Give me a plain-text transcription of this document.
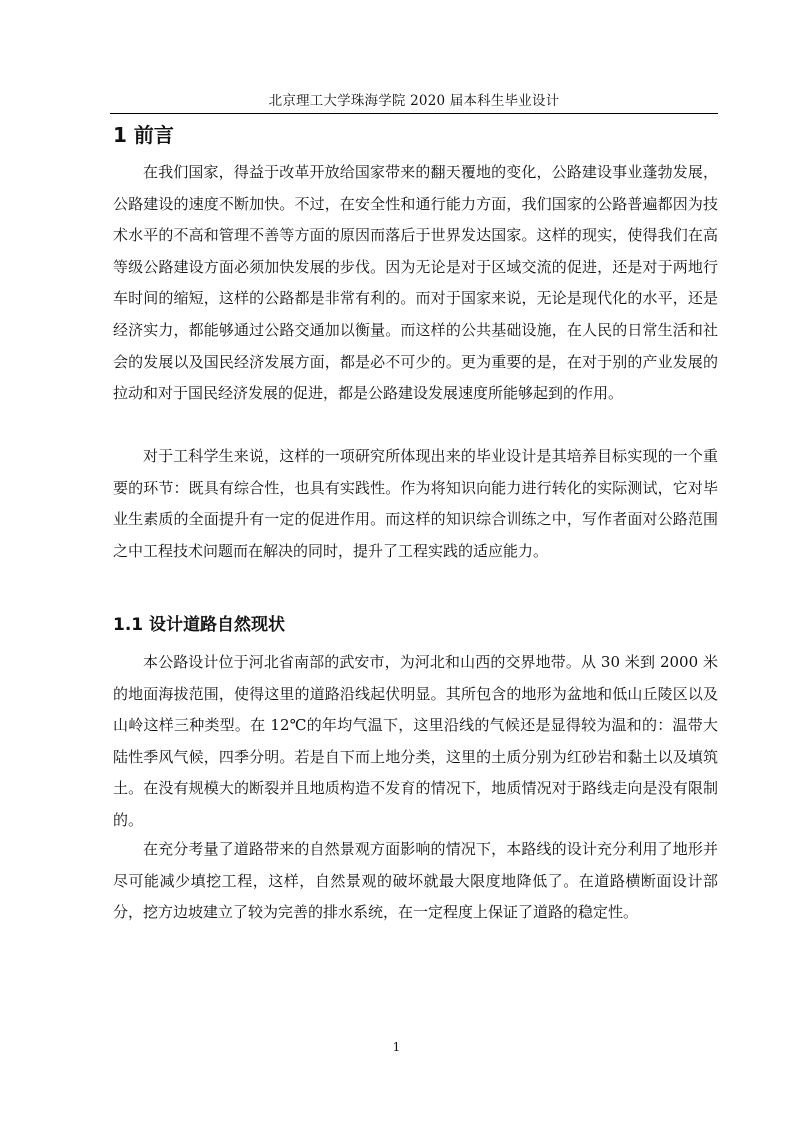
北京理工大学珠海学院 2020 届本科生毕业设计
1 前言

在我们国家，得益于改革开放给国家带来的翻天覆地的变化，公路建设事业蓬勃发展，公路建设的速度不断加快。不过，在安全性和通行能力方面，我们国家的公路普遍都因为技术水平的不高和管理不善等方面的原因而落后于世界发达国家。这样的现实，使得我们在高等级公路建设方面必须加快发展的步伐。因为无论是对于区域交流的促进，还是对于两地行车时间的缩短，这样的公路都是非常有利的。而对于国家来说，无论是现代化的水平，还是经济实力，都能够通过公路交通加以衡量。而这样的公共基础设施，在人民的日常生活和社会的发展以及国民经济发展方面，都是必不可少的。更为重要的是，在对于别的产业发展的拉动和对于国民经济发展的促进，都是公路建设发展速度所能够起到的作用。

对于工科学生来说，这样的一项研究所体现出来的毕业设计是其培养目标实现的一个重要的环节：既具有综合性，也具有实践性。作为将知识向能力进行转化的实际测试，它对毕业生素质的全面提升有一定的促进作用。而这样的知识综合训练之中，写作者面对公路范围之中工程技术问题而在解决的同时，提升了工程实践的适应能力。

1.1 设计道路自然现状

本公路设计位于河北省南部的武安市，为河北和山西的交界地带。从 30 米到 2000 米的地面海拔范围，使得这里的道路沿线起伏明显。其所包含的地形为盆地和低山丘陵区以及山岭这样三种类型。在 12℃的年均气温下，这里沿线的气候还是显得较为温和的：温带大陆性季风气候，四季分明。若是自下而上地分类，这里的土质分别为红砂岩和黏土以及填筑土。在没有规模大的断裂并且地质构造不发育的情况下，地质情况对于路线走向是没有限制的。

在充分考量了道路带来的自然景观方面影响的情况下，本路线的设计充分利用了地形并尽可能减少填挖工程，这样，自然景观的破坏就最大限度地降低了。在道路横断面设计部分，挖方边坡建立了较为完善的排水系统，在一定程度上保证了道路的稳定性。

1
